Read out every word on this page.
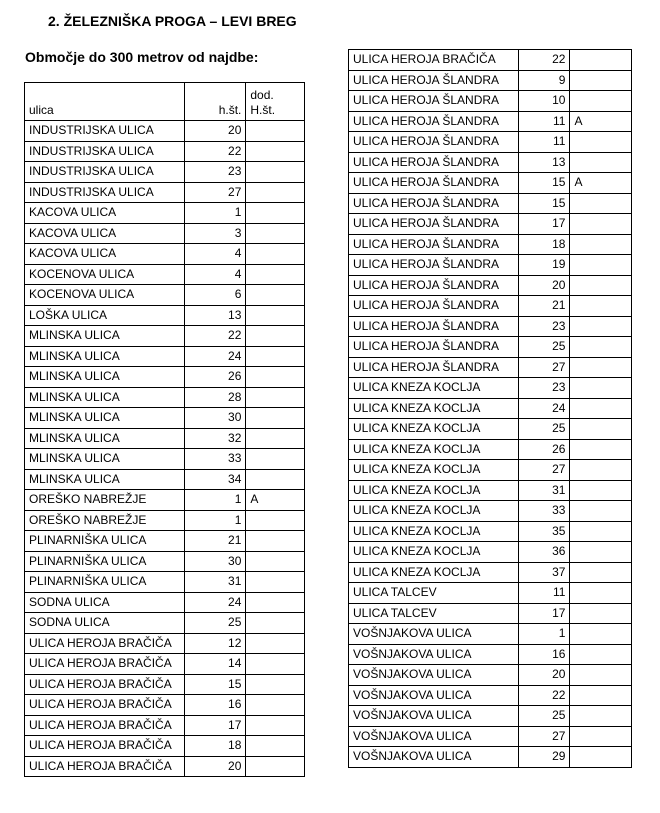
2. ŽELEZNIŠKA PROGA – LEVI BREG
Območje do 300 metrov od najdbe:
ulica	h.št.	dod.
H.št.

INDUSTRIJSKA ULICA	20	
INDUSTRIJSKA ULICA	22	
INDUSTRIJSKA ULICA	23	
INDUSTRIJSKA ULICA	27	
KACOVA ULICA	1	
KACOVA ULICA	3	
KACOVA ULICA	4	
KOCENOVA ULICA	4	
KOCENOVA ULICA	6	
LOŠKA ULICA	13	
MLINSKA ULICA	22	
MLINSKA ULICA	24	
MLINSKA ULICA	26	
MLINSKA ULICA	28	
MLINSKA ULICA	30	
MLINSKA ULICA	32	
MLINSKA ULICA	33	
MLINSKA ULICA	34	
OREŠKO NABREŽJE	1	A
OREŠKO NABREŽJE	1	
PLINARNIŠKA ULICA	21	
PLINARNIŠKA ULICA	30	
PLINARNIŠKA ULICA	31	
SODNA ULICA	24	
SODNA ULICA	25	
ULICA HEROJA BRAČIČA	12	
ULICA HEROJA BRAČIČA	14	
ULICA HEROJA BRAČIČA	15	
ULICA HEROJA BRAČIČA	16	
ULICA HEROJA BRAČIČA	17	
ULICA HEROJA BRAČIČA	18	
ULICA HEROJA BRAČIČA	20	
ULICA HEROJA BRAČIČA	22	
ULICA HEROJA ŠLANDRA	9	
ULICA HEROJA ŠLANDRA	10	
ULICA HEROJA ŠLANDRA	11	A
ULICA HEROJA ŠLANDRA	11	
ULICA HEROJA ŠLANDRA	13	
ULICA HEROJA ŠLANDRA	15	A
ULICA HEROJA ŠLANDRA	15	
ULICA HEROJA ŠLANDRA	17	
ULICA HEROJA ŠLANDRA	18	
ULICA HEROJA ŠLANDRA	19	
ULICA HEROJA ŠLANDRA	20	
ULICA HEROJA ŠLANDRA	21	
ULICA HEROJA ŠLANDRA	23	
ULICA HEROJA ŠLANDRA	25	
ULICA HEROJA ŠLANDRA	27	
ULICA KNEZA KOCLJA	23	
ULICA KNEZA KOCLJA	24	
ULICA KNEZA KOCLJA	25	
ULICA KNEZA KOCLJA	26	
ULICA KNEZA KOCLJA	27	
ULICA KNEZA KOCLJA	31	
ULICA KNEZA KOCLJA	33	
ULICA KNEZA KOCLJA	35	
ULICA KNEZA KOCLJA	36	
ULICA KNEZA KOCLJA	37	
ULICA TALCEV	11	
ULICA TALCEV	17	
VOŠNJAKOVA ULICA	1	
VOŠNJAKOVA ULICA	16	
VOŠNJAKOVA ULICA	20	
VOŠNJAKOVA ULICA	22	
VOŠNJAKOVA ULICA	25	
VOŠNJAKOVA ULICA	27	
VOŠNJAKOVA ULICA	29	
